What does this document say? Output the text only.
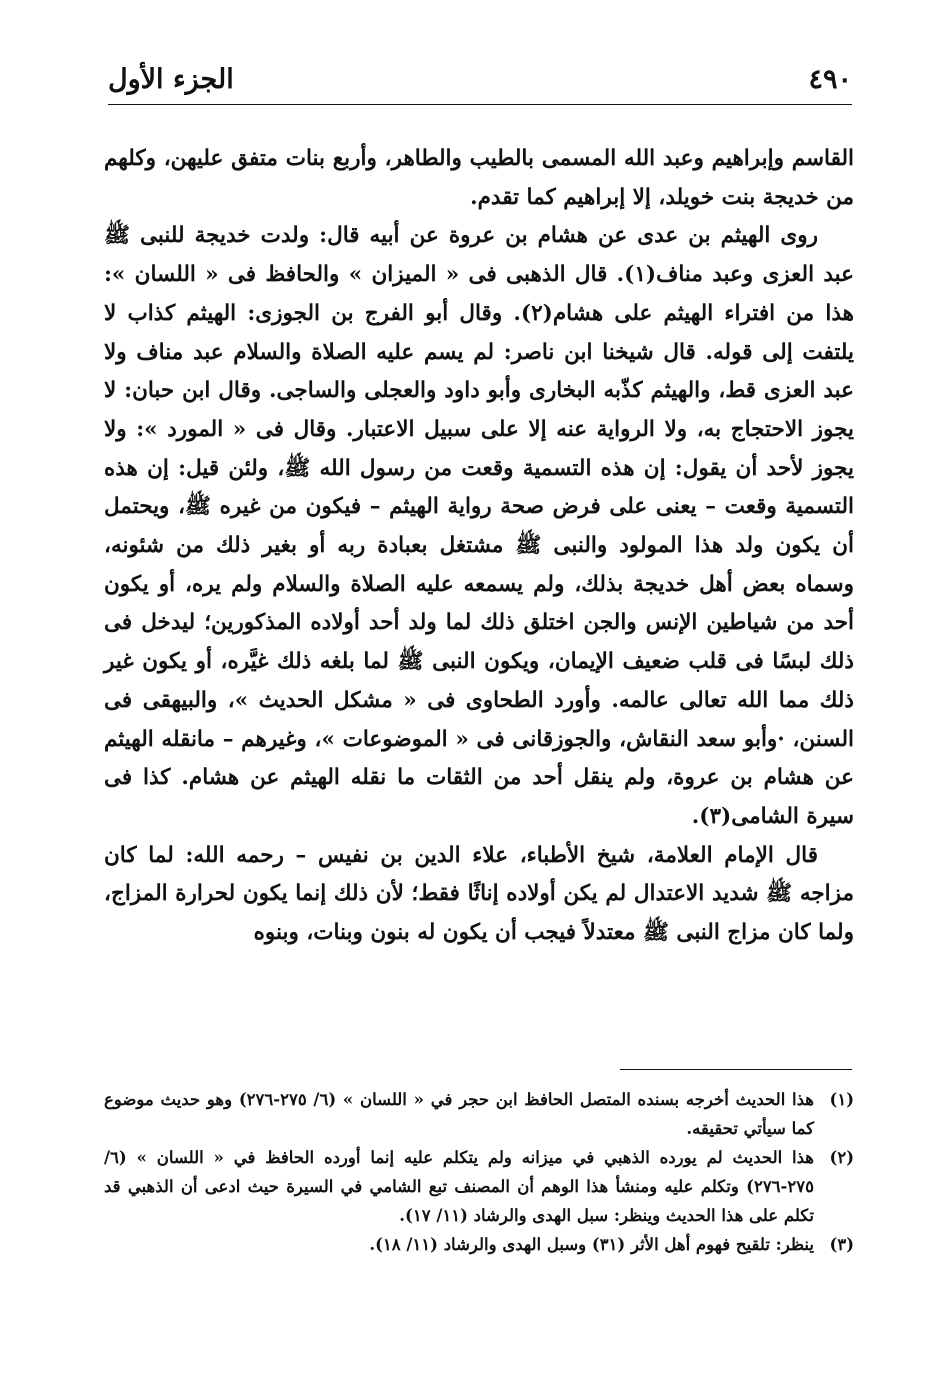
٤٩٠
الجزء الأول

القاسم وإبراهيم وعبد الله المسمى بالطيب والطاهر، وأربع بنات متفق عليهن، وكلهم من خديجة بنت خويلد، إلا إبراهيم كما تقدم.

روى الهيثم بن عدى عن هشام بن عروة عن أبيه قال: ولدت خديجة للنبى ﷺ عبد العزى وعبد مناف(١). قال الذهبى فى « الميزان » والحافظ فى « اللسان »: هذا من افتراء الهيثم على هشام(٢). وقال أبو الفرج بن الجوزى: الهيثم كذاب لا يلتفت إلى قوله. قال شيخنا ابن ناصر: لم يسم عليه الصلاة والسلام عبد مناف ولا عبد العزى قط، والهيثم كذّبه البخارى وأبو داود والعجلى والساجى. وقال ابن حبان: لا يجوز الاحتجاج به، ولا الرواية عنه إلا على سبيل الاعتبار. وقال فى « المورد »: ولا يجوز لأحد أن يقول: إن هذه التسمية وقعت من رسول الله ﷺ، ولئن قيل: إن هذه التسمية وقعت – يعنى على فرض صحة رواية الهيثم – فيكون من غيره ﷺ، ويحتمل أن يكون ولد هذا المولود والنبى ﷺ مشتغل بعبادة ربه أو بغير ذلك من شئونه، وسماه بعض أهل خديجة بذلك، ولم يسمعه عليه الصلاة والسلام ولم يره، أو يكون أحد من شياطين الإنس والجن اختلق ذلك لما ولد أحد أولاده المذكورين؛ ليدخل فى ذلك لبسًا فى قلب ضعيف الإيمان، ويكون النبى ﷺ لما بلغه ذلك غيَّره، أو يكون غير ذلك مما الله تعالى عالمه. وأورد الطحاوى فى « مشكل الحديث »، والبيهقى فى السنن، ·وأبو سعد النقاش، والجوزقانى فى « الموضوعات »، وغيرهم – مانقله الهيثم عن هشام بن عروة، ولم ينقل أحد من الثقات ما نقله الهيثم عن هشام. كذا فى سيرة الشامى(٣).

قال الإمام العلامة، شيخ الأطباء، علاء الدين بن نفيس – رحمه الله: لما كان مزاجه ﷺ شديد الاعتدال لم يكن أولاده إناثًا فقط؛ لأن ذلك إنما يكون لحرارة المزاج، ولما كان مزاج النبى ﷺ معتدلاً فيجب أن يكون له بنون وبنات، وبنوه

(١)
هذا الحديث أخرجه بسنده المتصل الحافظ ابن حجر في « اللسان » (٦/ ٢٧٥-٢٧٦) وهو حديث موضوع كما سيأتي تحقيقه.
(٢)
هذا الحديث لم يورده الذهبي في ميزانه ولم يتكلم عليه إنما أورده الحافظ في « اللسان » (٦/ ٢٧٥-٢٧٦) وتكلم عليه ومنشأ هذا الوهم أن المصنف تبع الشامي في السيرة حيث ادعى أن الذهبي قد تكلم على هذا الحديث وينظر: سبل الهدى والرشاد (١١/ ١٧).
(٣)
ينظر: تلقيح فهوم أهل الأثر (٣١) وسبل الهدى والرشاد (١١/ ١٨).
